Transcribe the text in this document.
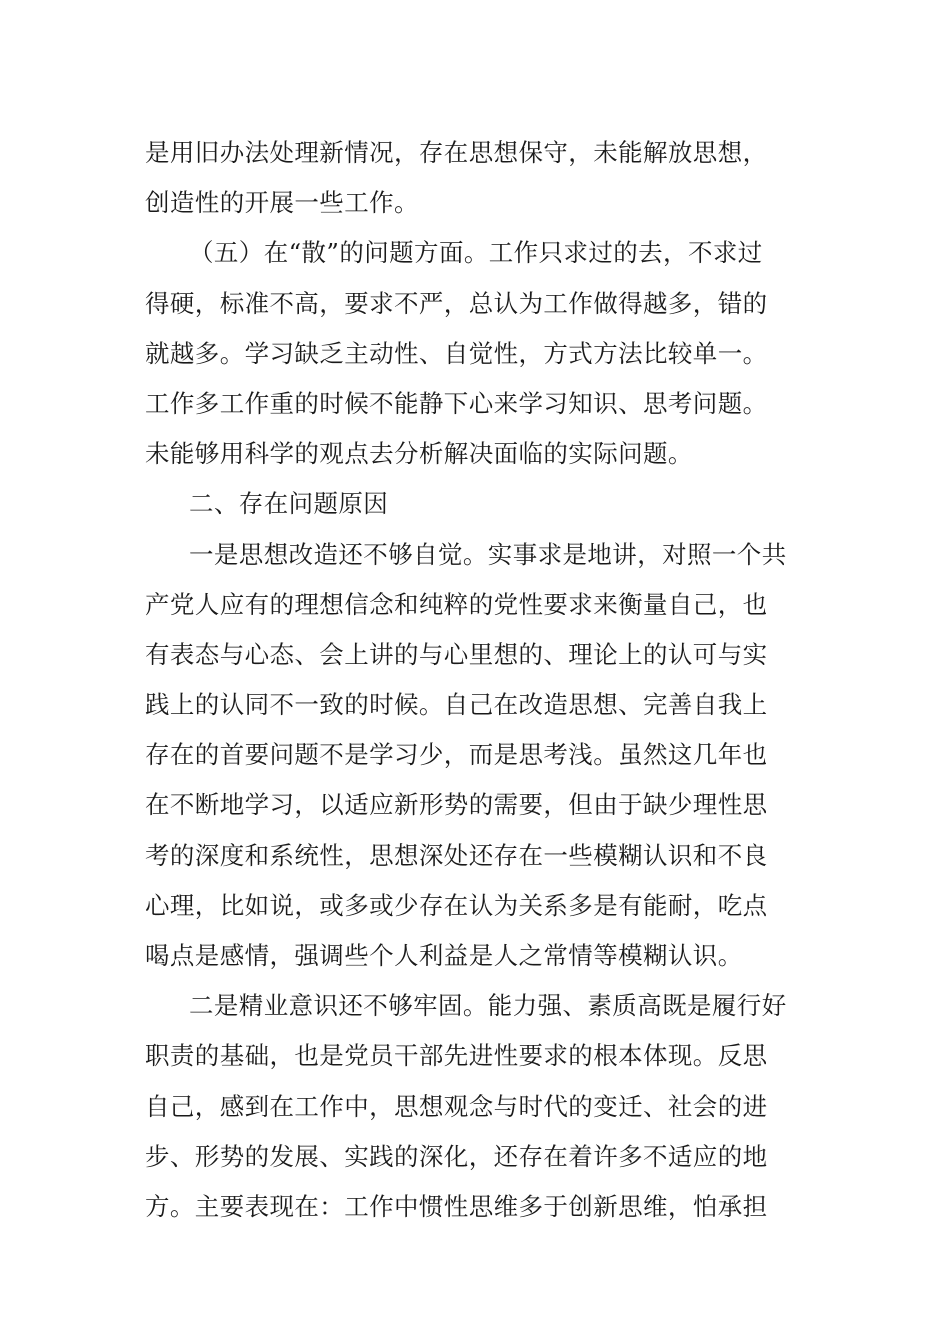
是用旧办法处理新情况，存在思想保守，未能解放思想，
创造性的开展一些工作。
（五）在“散”的问题方面。工作只求过的去，不求过
得硬，标准不高，要求不严，总认为工作做得越多，错的
就越多。学习缺乏主动性、自觉性，方式方法比较单一。
工作多工作重的时候不能静下心来学习知识、思考问题。
未能够用科学的观点去分析解决面临的实际问题。
二、存在问题原因
一是思想改造还不够自觉。实事求是地讲，对照一个共
产党人应有的理想信念和纯粹的党性要求来衡量自己，也
有表态与心态、会上讲的与心里想的、理论上的认可与实
践上的认同不一致的时候。自己在改造思想、完善自我上
存在的首要问题不是学习少，而是思考浅。虽然这几年也
在不断地学习，以适应新形势的需要，但由于缺少理性思
考的深度和系统性，思想深处还存在一些模糊认识和不良
心理，比如说，或多或少存在认为关系多是有能耐，吃点
喝点是感情，强调些个人利益是人之常情等模糊认识。
二是精业意识还不够牢固。能力强、素质高既是履行好
职责的基础，也是党员干部先进性要求的根本体现。反思
自己，感到在工作中，思想观念与时代的变迁、社会的进
步、形势的发展、实践的深化，还存在着许多不适应的地
方。主要表现在：工作中惯性思维多于创新思维，怕承担
